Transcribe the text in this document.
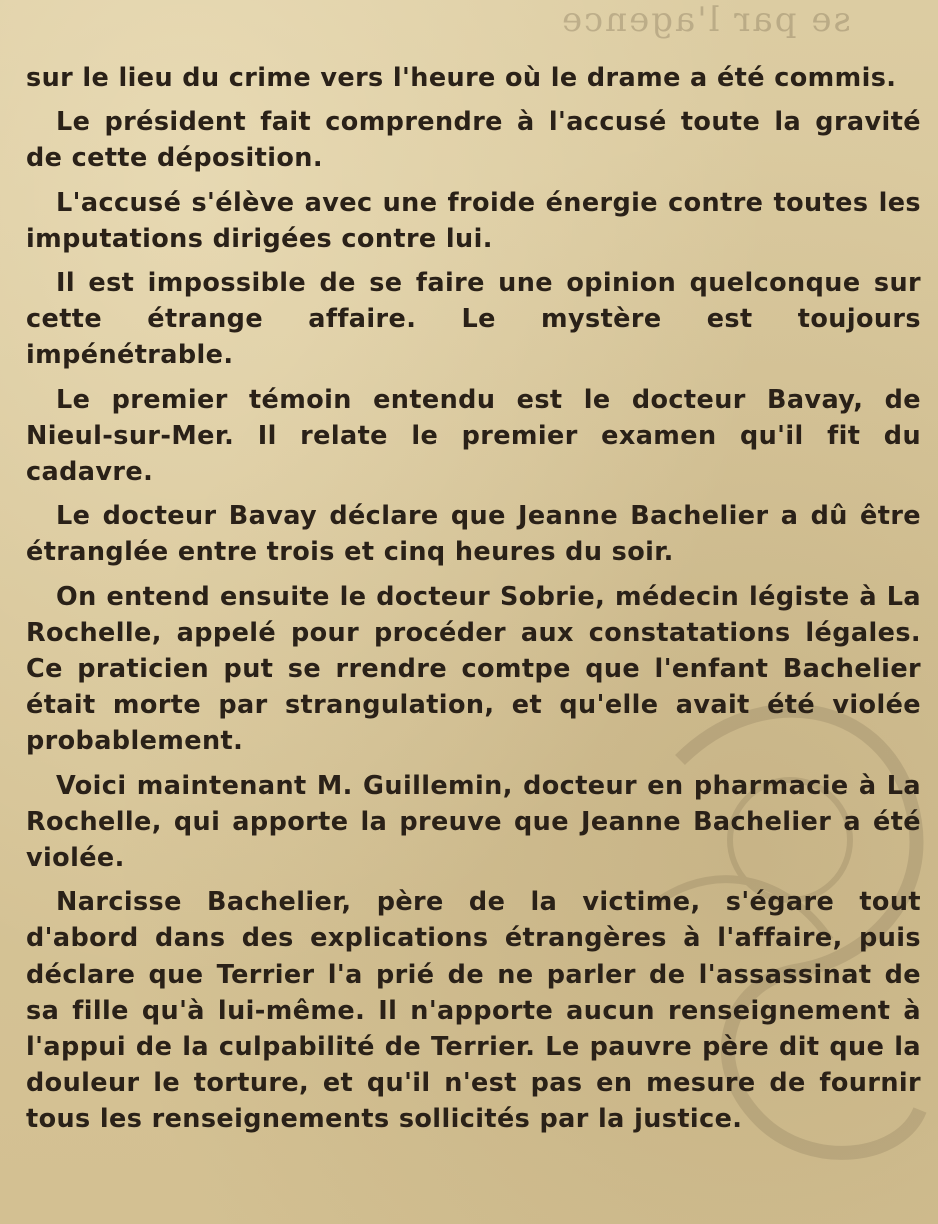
se par l'agence

sur le lieu du crime vers l'heure où le drame a été commis.

Le président fait comprendre à l'accusé toute la gravité de cette déposition.

L'accusé s'élève avec une froide énergie contre toutes les imputations dirigées contre lui.

Il est impossible de se faire une opinion quelconque sur cette étrange affaire. Le mystère est toujours impénétrable.

Le premier témoin entendu est le docteur Bavay, de Nieul-sur-Mer. Il relate le premier examen qu'il fit du cadavre.

Le docteur Bavay déclare que Jeanne Bachelier a dû être étranglée entre trois et cinq heures du soir.

On entend ensuite le docteur Sobrie, médecin légiste à La Rochelle, appelé pour procéder aux constatations légales. Ce praticien put se rrendre comtpe que l'enfant Bachelier était morte par strangulation, et qu'elle avait été violée probablement.

Voici maintenant M. Guillemin, docteur en pharmacie à La Rochelle, qui apporte la preuve que Jeanne Bachelier a été violée.

Narcisse Bachelier, père de la victime, s'égare tout d'abord dans des explications étrangères à l'affaire, puis déclare que Terrier l'a prié de ne parler de l'assassinat de sa fille qu'à lui-même. Il n'apporte aucun renseignement à l'appui de la culpabilité de Terrier. Le pauvre père dit que la douleur le torture, et qu'il n'est pas en mesure de fournir tous les renseignements sollicités par la justice.
